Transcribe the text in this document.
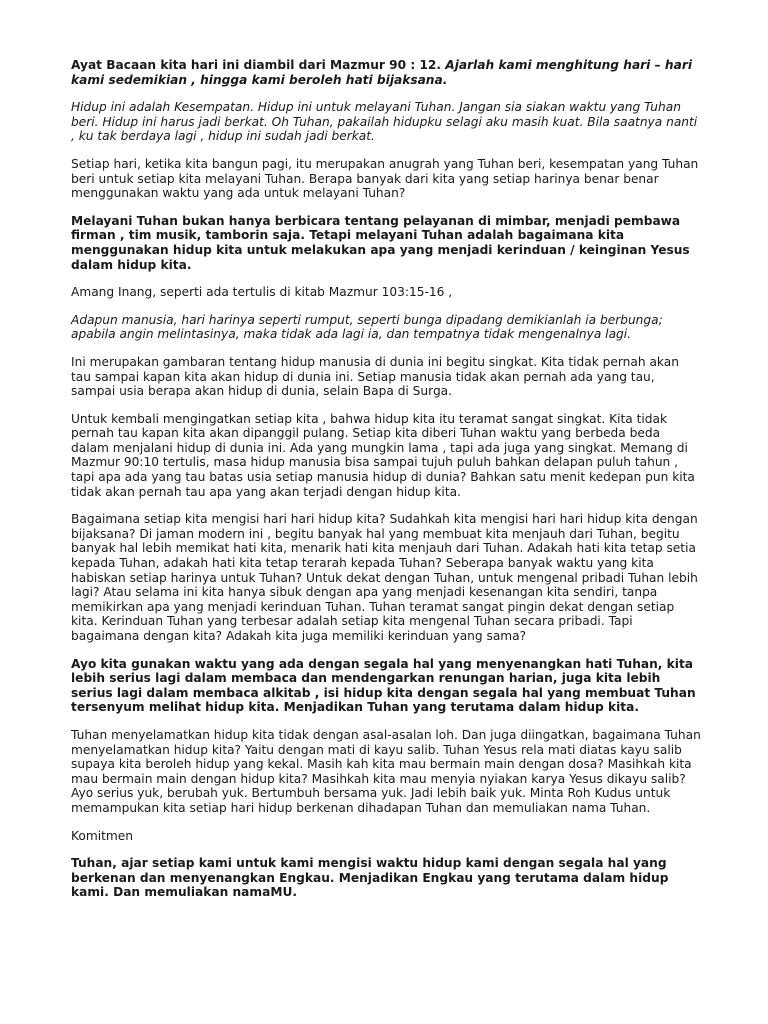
Ayat Bacaan kita hari ini diambil dari Mazmur 90 : 12. Ajarlah kami menghitung hari – hari kami sedemikian , hingga kami beroleh hati bijaksana.

Hidup ini adalah Kesempatan. Hidup ini untuk melayani Tuhan. Jangan sia siakan waktu yang Tuhan beri. Hidup ini harus jadi berkat. Oh Tuhan, pakailah hidupku selagi aku masih kuat. Bila saatnya nanti , ku tak berdaya lagi , hidup ini sudah jadi berkat.

Setiap hari, ketika kita bangun pagi, itu merupakan anugrah yang Tuhan beri, kesempatan yang Tuhan beri untuk setiap kita melayani Tuhan. Berapa banyak dari kita yang setiap harinya benar benar menggunakan waktu yang ada untuk melayani Tuhan?

Melayani Tuhan bukan hanya berbicara tentang pelayanan di mimbar, menjadi pembawa firman , tim musik, tamborin saja. Tetapi melayani Tuhan adalah bagaimana kita menggunakan hidup kita untuk melakukan apa yang menjadi kerinduan / keinginan Yesus dalam hidup kita.

Amang Inang, seperti ada tertulis di kitab Mazmur 103:15-16 ,

Adapun manusia, hari harinya seperti rumput, seperti bunga dipadang demikianlah ia berbunga; apabila angin melintasinya, maka tidak ada lagi ia, dan tempatnya tidak mengenalnya lagi.

Ini merupakan gambaran tentang hidup manusia di dunia ini begitu singkat. Kita tidak pernah akan tau sampai kapan kita akan hidup di dunia ini. Setiap manusia tidak akan pernah ada yang tau, sampai usia berapa akan hidup di dunia, selain Bapa di Surga.

Untuk kembali mengingatkan setiap kita , bahwa hidup kita itu teramat sangat singkat. Kita tidak pernah tau kapan kita akan dipanggil pulang. Setiap kita diberi Tuhan waktu yang berbeda beda dalam menjalani hidup di dunia ini. Ada yang mungkin lama , tapi ada juga yang singkat. Memang di Mazmur 90:10 tertulis, masa hidup manusia bisa sampai tujuh puluh bahkan delapan puluh tahun , tapi apa ada yang tau batas usia setiap manusia hidup di dunia? Bahkan satu menit kedepan pun kita tidak akan pernah tau apa yang akan terjadi dengan hidup kita.

Bagaimana setiap kita mengisi hari hari hidup kita? Sudahkah kita mengisi hari hari hidup kita dengan bijaksana? Di jaman modern ini , begitu banyak hal yang membuat kita menjauh dari Tuhan, begitu banyak hal lebih memikat hati kita, menarik hati kita menjauh dari Tuhan. Adakah hati kita tetap setia kepada Tuhan, adakah hati kita tetap terarah kepada Tuhan? Seberapa banyak waktu yang kita habiskan setiap harinya untuk Tuhan? Untuk dekat dengan Tuhan, untuk mengenal pribadi Tuhan lebih lagi? Atau selama ini kita hanya sibuk dengan apa yang menjadi kesenangan kita sendiri, tanpa memikirkan apa yang menjadi kerinduan Tuhan. Tuhan teramat sangat pingin dekat dengan setiap kita. Kerinduan Tuhan yang terbesar adalah setiap kita mengenal Tuhan secara pribadi. Tapi bagaimana dengan kita? Adakah kita juga memiliki kerinduan yang sama?

Ayo kita gunakan waktu yang ada dengan segala hal yang menyenangkan hati Tuhan, kita lebih serius lagi dalam membaca dan mendengarkan renungan harian, juga kita lebih serius lagi dalam membaca alkitab , isi hidup kita dengan segala hal yang membuat Tuhan tersenyum melihat hidup kita. Menjadikan Tuhan yang terutama dalam hidup kita.

Tuhan menyelamatkan hidup kita tidak dengan asal-asalan loh. Dan juga diingatkan, bagaimana Tuhan menyelamatkan hidup kita? Yaitu dengan mati di kayu salib. Tuhan Yesus rela mati diatas kayu salib supaya kita beroleh hidup yang kekal. Masih kah kita mau bermain main dengan dosa? Masihkah kita mau bermain main dengan hidup kita? Masihkah kita mau menyia nyiakan karya Yesus dikayu salib? Ayo serius yuk, berubah yuk. Bertumbuh bersama yuk. Jadi lebih baik yuk. Minta Roh Kudus untuk memampukan kita setiap hari hidup berkenan dihadapan Tuhan dan memuliakan nama Tuhan.

Komitmen

Tuhan, ajar setiap kami untuk kami mengisi waktu hidup kami dengan segala hal yang berkenan dan menyenangkan Engkau. Menjadikan Engkau yang terutama dalam hidup kami. Dan memuliakan namaMU.
